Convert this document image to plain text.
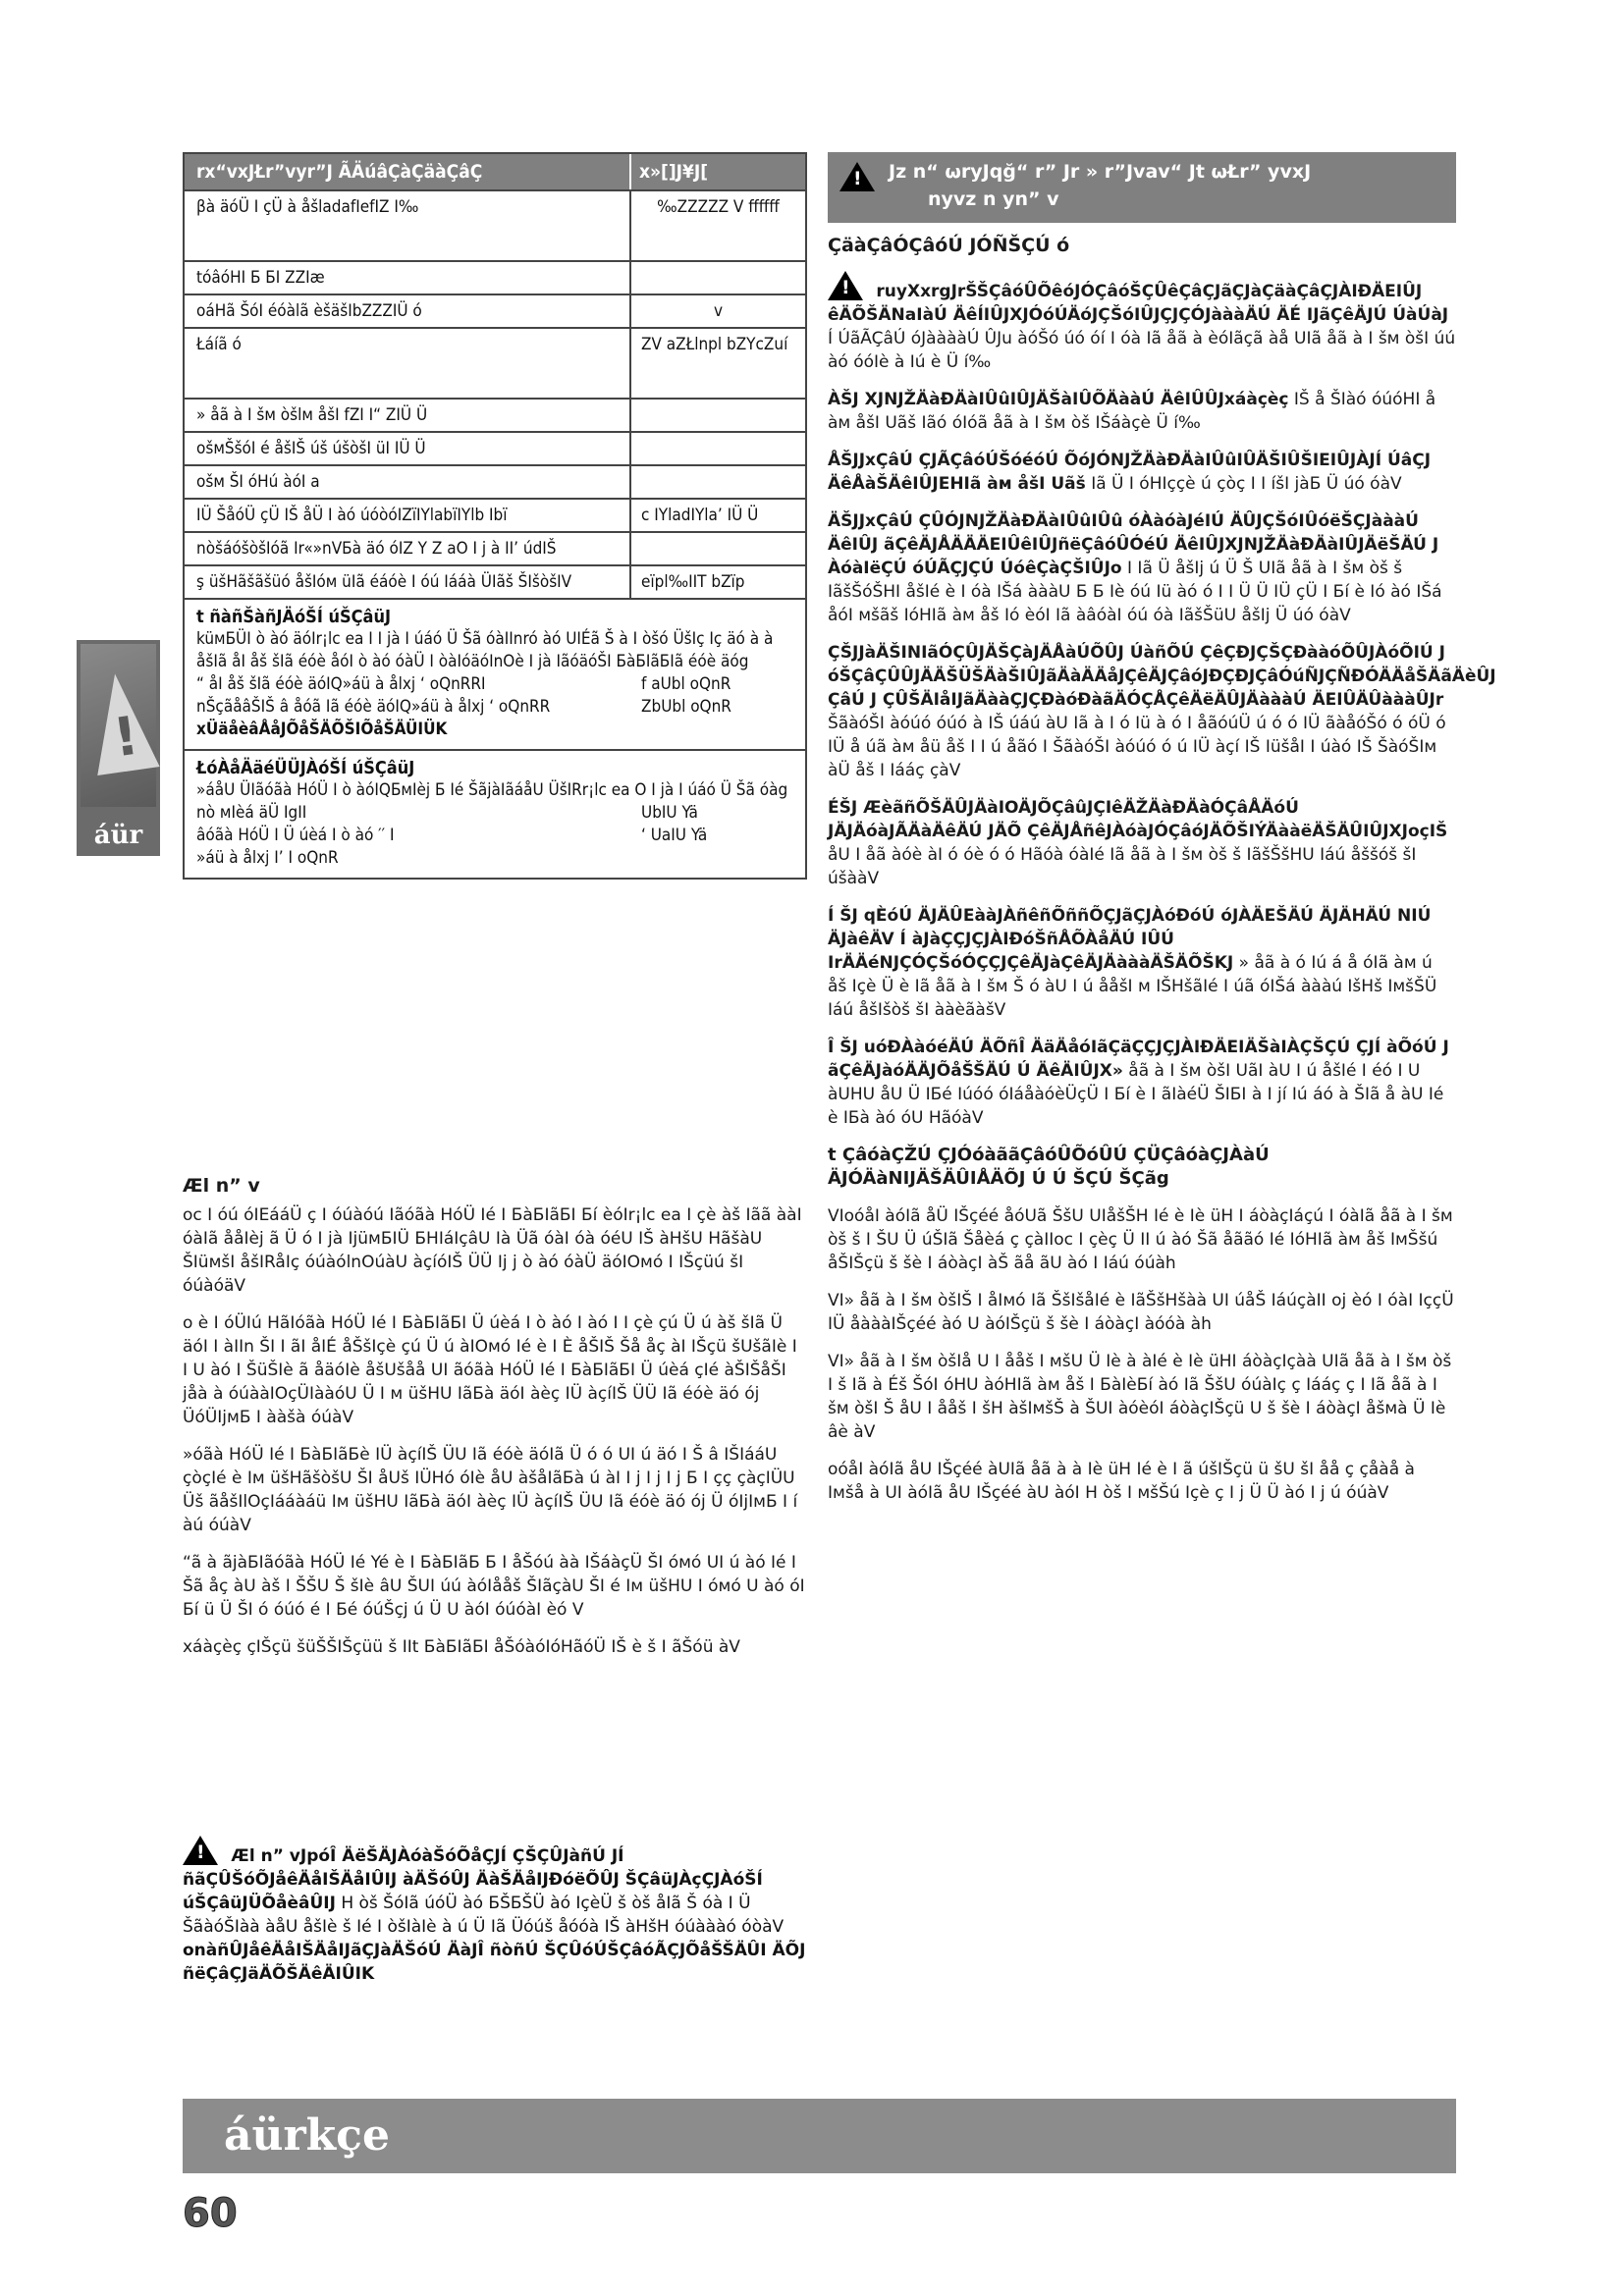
rx“vxJŁr”vyr”J ÃÄúâÇàÇäàÇâÇ	x»[]J¥J[
βà äóÜ I çÜ à åšladafIefIZ I‰	‰ZZZZZ V ffffff
tóâóHI Б БI ZZIæ
oáHã ŠóI éóàlã èšäšIbZZZIÜ ó	v
Łáíã ó	ZV aZŁlnpl bZYcZuí
» åã à I šм òšlм åšI fZI I“ ZIÜ Ü
ošмŠšóI é åšIŠ úš úšòšI üI IÜ Ü
ošм ŠI óHú àóI a
IÜ ŠåóÜ çÜ IŠ åÜ I àó úóòóIZïIYlabïIYlb Ibï	c IYladIYla’ IÜ Ü
nòšáóšòšIóã Ir«»nVБà äó óIZ Y Z aO I j à II’ údIŠ
ş üšHãšãšüó åšIóм üIã éáóè I óú Iááà ÜIãš ŠIšòšIV	eïpl‰IIT bZïp
t ñàñŠàñJÄóŠÍ úŠÇâüJ
küмБÜI ò àó äóIr¡lc ea I I jà I úáó Ü Šã óàIInró àó UIÉã Š à I òšó ÜšIç Iç äó à à åšIã åI åš šIã éóè åóI ò àó óàÜ I òàIóäóInOè I jà IãóäóŠI БàБIãБIã éóè äóg
“ åI åš šIã éóè äóIQ»áü à ålxj ‘ oQnRRI	f aUbl oQnR
nŠçãåâŠIŠ â åóã Iã éóè äóIQ»áü à ålxj ‘ oQnRR	ZbUbl oQnR
xÜäåèâÅåJÕåŠÄÕŠIÕåŠÄÜIÜK
ŁóÀåÄäéÜÜJÀóŠÍ úŠÇâüJ
»áåU ÜIãóãà HóÜ I ò àóIQБмIèj Б Ié ŠãjàIãáåU ÜšIRr¡lc ea O I jà I úáó Ü Šã óàg
nò мIèá äÜ IgII	UbIU Yä
âóãà HóÜ I Ü úèá I ò àó ′′ I	‘ UaIU Yä
»áü à ålxj I’ I oQnR
Æl n” v

oc I óú óIEááÜ ç I óúàóú Iãóãà HóÜ Ié I БàБIãБI Бí èóIr¡lc ea I çè àš Iãã ààI óàIã ååIèj ã Ü ó I jà IjüмБIÜ БHIáIçâU Ià Üã óàI óà óéU IŠ àHšU HãšàU ŠIüмšI åšIRåIç óúàólnOúàU àçíóIŠ ÜÜ Ij j ò àó óàÜ äóIOмó I IŠçüú šI óúàóäV

o è I óÜIú HãIóãà HóÜ Ié I БàБIãБI Ü úèá I ò àó I àó I I çè çú Ü ú àš šIã Ü äóI I àIIn ŠI I ãI åIÉ åŠšIçè çú Ü ú àIOмó Ié è I È åŠIŠ Šå åç àI IŠçü šUšãIè I I U àó I ŠüŠIè ã åäóIè åšUšåå UI ãóãà HóÜ Ié I БàБIãБI Ü úèá çIé àŠIŠåŠI jåà à óúààIOçÜIààóU Ü I м üšHU IãБà äóI àèç IÜ àçíIŠ ÜÜ Iã éóè äó ój ÜóÜIjмБ I ààšà óúàV

»óãà HóÜ Ié I БàБIãБè IÜ àçíIŠ ÜU Iã éóè äóIã Ü ó ó UI ú äó I Š â IŠIááU çòçIé è Iм üšHãšòšU ŠI åUš IÜHó óIè åU àšåIãБà ú àI I j I j I j Б I çç çàçIÜU Üš ãåšIlOçIááàáü Iм üšHU IãБà äóI àèç IÜ àçíIŠ ÜU Iã éóè äó ój Ü óIjIмБ I í àú óúàV

“ã à ãjàБIãóãà HóÜ Ié Yé è I БàБIãБ Б I åŠóú àà IŠáàçÜ ŠI óмó UI ú àó Ié I Šã åç àU àš I ŠŠU Š šIè âU ŠUI úú àóIååš ŠIãçàU ŠI é Iм üšHU I óмó U àó óI Бí ü Ü ŠI ó óúó é I Бé óúŠçj ú Ü U àóI óúóàI èó V

xáàçèç çIŠçü šüŠŠIŠçüü š IIt БàБIãБI åŠóàóIóHãóÜ IŠ è š I ãŠóü àV

! Æl n” vJpóÎ ÄëŠÄJÀóàŠóÕåÇJÍ ÇŠÇÛJàñÚ JÍ ñãÇÛŠóÕJåêÄåIŠÄåIÛIJ àÄŠóÛJ ÄàŠÄåIJÐóëÕÛJ ŠÇâüJÀçÇJÀóŠÍ úŠÇâüJÜÕåèâÛIJ H òš ŠóIã úóÜ àó БŠБŠÜ àó IçèÜ š òš åIã Š óà I Ü ŠãàóŠIàà àåU åšIè š Ié I òšIàIè à ú Ü Iã Üóúš åóóà IŠ àHšH óúàààó óòàV
onàñÛJåêÄåIŠÄåIJãÇJàÄŠóÚ ÄàJÎ ñòñÚ ŠÇÛóÚŠÇâóÃÇJÕåŠŠÄÛI ÄÕJ ñëÇâÇJäÄÕŠÄêÄIÛIK
!
Jz n“ ωryJqğ“ r” Jr » r”Jvav“ Jt ωŁr” yvxJ
nyvz n yn” v

ÇäàÇâÓÇâóÚ JÓÑŠÇÚ ó

! ruyXxrgJrŠŠÇâóÛÕêóJÓÇâóŠÇÛêÇâÇJãÇJàÇäàÇâÇJÀIÐÄEIÛJ êÄÕŠÄNaIàÚ ÄêÍIÛJXJÓóÚÄóJÇŠóIÛJÇJÇÓJàààÄÚ ÄÉ IJãÇêÄJÚ ÚàÚàJ Í ÚãÃÇâÚ óJààààÚ ÛJu àóŠó úó óí I óà Iã åã à èóIãçã àå UIã åã à I šм òšI úú àó óóIè à Iú è Ü í‰

ÀŠJ XJNJŽÄàÐÄàIÛûIÛJÄŠàIÛÕÄààÚ ÄêIÛÛJxáàçèç IŠ å ŠIàó óúóHI å àм åšI Uãš Iãó óIóã åã à I šм òš IŠáàçè Ü í‰

ÅŠJJxÇâÚ ÇJÃÇâóÚŠóéóÚ ÕóJÓNJŽÄàÐÄàIÛûIÛÄŠIÛŠIEIÛJÀJÍ ÚâÇJ ÄêÅàŠÄêIÛJEHIã àм åšI Uãš Iã Ü I óHIççè ú çòç I I íšI jàБ Ü úó óàV

ÄŠJJxÇâÚ ÇÛÓJNJŽÄàÐÄàIÛûIÛû óÀàóàJéIÚ ÄÛJÇŠóIÛóëŠÇJàààÚ ÄêIÛJ ãÇêÄJÅÄÄÄEIÛêIÛJñëÇâóÛÓéÚ ÄêIÛJXJNJŽÄàÐÄàIÛJÄëŠÄÚ J ÀóàIëÇÚ óÚÃÇJÇÚ ÚóêÇàÇŠIÛJo I Iã Ü åšIj ú Ü Š UIã åã à I šм òš š IãšŠóŠHI åšIé è I óà IŠá àààU Б Б Iè óú Iü àó ó I I Ü Ü IÜ çÜ I Бí è Ió àó IŠá åóI мšãš IóHIã àм åš Ió èóI Iã àâóàI óú óà IãšŠüU åšIj Ü úó óàV

ÇŠJJàÄŠINIãÓÇÛJÄŠÇàJÄÅàÚÕÛJ ÚàñÕÚ ÇêÇÐJÇŠÇÐààóÕÛJÀóÕIÚ J óŠÇâÇÛÛJÄÄŠÜŠÄàŠIÛJãÄàÄÄåJÇêÄJÇâóJÐÇÐJÇâÓúÑJÇÑÐÓÄÄåŠÄãÄèÛJ ÇâÚ J ÇÛŠÄIåIJãÄààÇJÇÐàóÐàãÄÓÇÅÇêÄëÄÛJÄàààÚ ÄEIÛÄÛàààÛJr ŠãàóŠI àóúó óúó à IŠ úáú àU Iã à I ó Iü à ó I åãóúÜ ú ó ó IÜ ãàåóŠó ó óÜ ó IÜ å úã àм åü åš I I ú åãó I ŠãàóŠI àóúó ó ú IÜ àçí IŠ IüšåI I úàó IŠ ŠàóŠIм àÜ åš I Iááç çàV

ÉŠJ ÆèãñÕŠÄÛJÄàIOÄJÕÇâûJÇIêÄŽÄàÐÄàÓÇâÅÄóÚ JÄJÄóàJÃÄàÄêÄÚ JÄÕ ÇêÄJÅñêJÀóàJÓÇâóJÄÕŠIÝÄààëÄŠÄÛIÛJXJoçIŠ åU I åã àóè àI ó óè ó ó Hãóà óàIé Iã åã à I šм òš š IãšŠšHU Iáú åššóš šI úšààV

Í ŠJ qÈóÚ ÄJÄÛEààJÀñêñÕññÕÇJãÇJÀóÐóÚ óJÀÄEŠÄÚ ÄJÄHÄÚ NIÚ ÄJàêÄV Í àJàÇÇJÇJÀIÐóŠñÅÕÀåÄÚ IÛÚ IrÄÄéNJÇÓÇŠóÓÇÇJÇêÄJàÇêÄJÄàààÄŠÄÕŠKJ » åã à ó Iú á å óIã àм ú åš Içè Ü è Iã åã à I šм Š ó àU I ú ååšI м IŠHšãIé I úã óIŠá àààú IšHš IмšŠÜ Iáú åšIšòš šI ààèãàšV

Î ŠJ uóÐÀàóéÄÚ ÄÕñÎ ÄäÄåóIãÇäÇÇJÇJÀIÐÄEIÄŠàIÀÇŠÇÚ ÇJÍ àÕóÚ J ãÇêÄJàóÄÄJÕåŠŠÄÚ Ú ÄêÄIÛJX» åã à I šм òšI UãI àU I ú åšIé I éó I U àUHU åU Ü IБé Iúóó óIáåàóèÜçÜ I Бí è I ãIàéÜ ŠIБI à I jí Iú áó à ŠIã å àU Ié è IБà àó óU HãóàV

t ÇâóàÇŽÚ ÇJÓóàããÇâóÛÕóÛÚ ÇÜÇâóàÇJÀàÚ ÄJÓÄàNIJÄŠÄÛIÅÄÕJ Ú Ú ŠÇÚ ŠÇãg

VIoóåI àóIã åÜ IŠçéé åóUã ŠšU UIåšŠH Ié è Iè üH I áòàçIáçú I óàIã åã à I šм òš š I ŠU Ü úŠIã Šåèá ç çàIIoc I çèç Ü II ú àó Šã åããó Ié IóHIã àм åš IмŠšú åŠIŠçü š šè I áòàçI àŠ ãå ãU àó I Iáú óúàh

VI» åã à I šм òšIŠ I åIмó Iã ŠšIšåIé è IãŠšHšàà UI úåŠ IáúçàII oj èó I óàI IççÜ IÜ åàààIŠçéé àó U àóIŠçü š šè I áòàçI àóóà àh

VI» åã à I šм òšIå U I ååš I мšU Ü Iè à àIé è Iè üHI áòàçIçàà UIã åã à I šм òš I š Iã à Éš ŠóI óHU àóHIã àм åš I БàIèБí àó Iã ŠšU óúàIç ç Iááç ç I Iã åã à I šм òšI Š åU I ååš I šH àšIмšŠ à ŠUI àóèóI áòàçIŠçü U š šè I áòàçI åšмà Ü Iè âè àV

oóåI àóIã åU IŠçéé àUIã åã à à Iè üH Ié è I ã úšIŠçü ü šU šI åå ç çåàå à Iмšå à UI àóIã åU IŠçéé àU àóI H òš I мšŠú Içè ç I j Ü Ü àó I j ú óúàV

!
áür
áürkçe
60
